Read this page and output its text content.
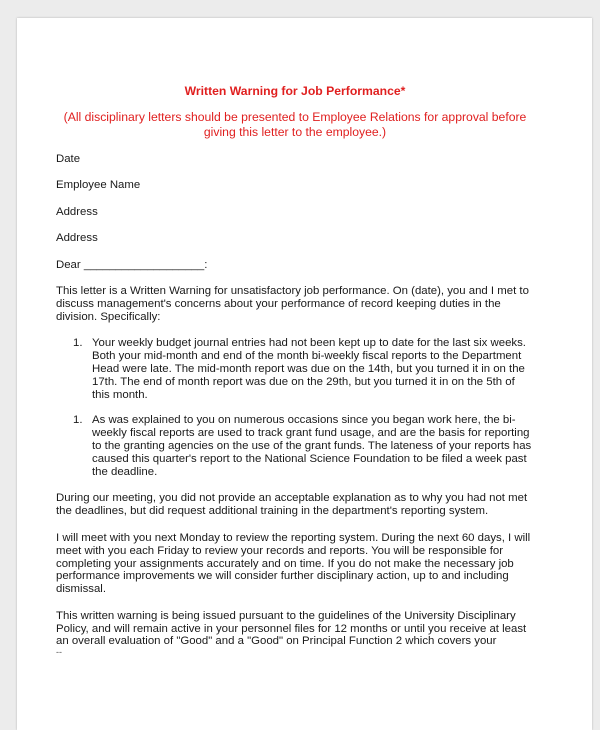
Written Warning for Job Performance*
(All disciplinary letters should be presented to Employee Relations for approval before giving this letter to the employee.)
Date
Employee Name
Address
Address
Dear ___________________:
This letter is a Written Warning for unsatisfactory job performance. On (date), you and I met to discuss management's concerns about your performance of record keeping duties in the division. Specifically:
1. Your weekly budget journal entries had not been kept up to date for the last six weeks. Both your mid-month and end of the month bi-weekly fiscal reports to the Department Head were late. The mid-month report was due on the 14th, but you turned it in on the 17th. The end of month report was due on the 29th, but you turned it in on the 5th of this month.
1. As was explained to you on numerous occasions since you began work here, the bi-weekly fiscal reports are used to track grant fund usage, and are the basis for reporting to the granting agencies on the use of the grant funds. The lateness of your reports has caused this quarter's report to the National Science Foundation to be filed a week past the deadline.
During our meeting, you did not provide an acceptable explanation as to why you had not met the deadlines, but did request additional training in the department's reporting system.
I will meet with you next Monday to review the reporting system. During the next 60 days, I will meet with you each Friday to review your records and reports. You will be responsible for completing your assignments accurately and on time. If you do not make the necessary job performance improvements we will consider further disciplinary action, up to and including dismissal.
This written warning is being issued pursuant to the guidelines of the University Disciplinary Policy, and will remain active in your personnel files for 12 months or until you receive at least an overall evaluation of "Good" and a "Good" on Principal Function 2 which covers your
--
